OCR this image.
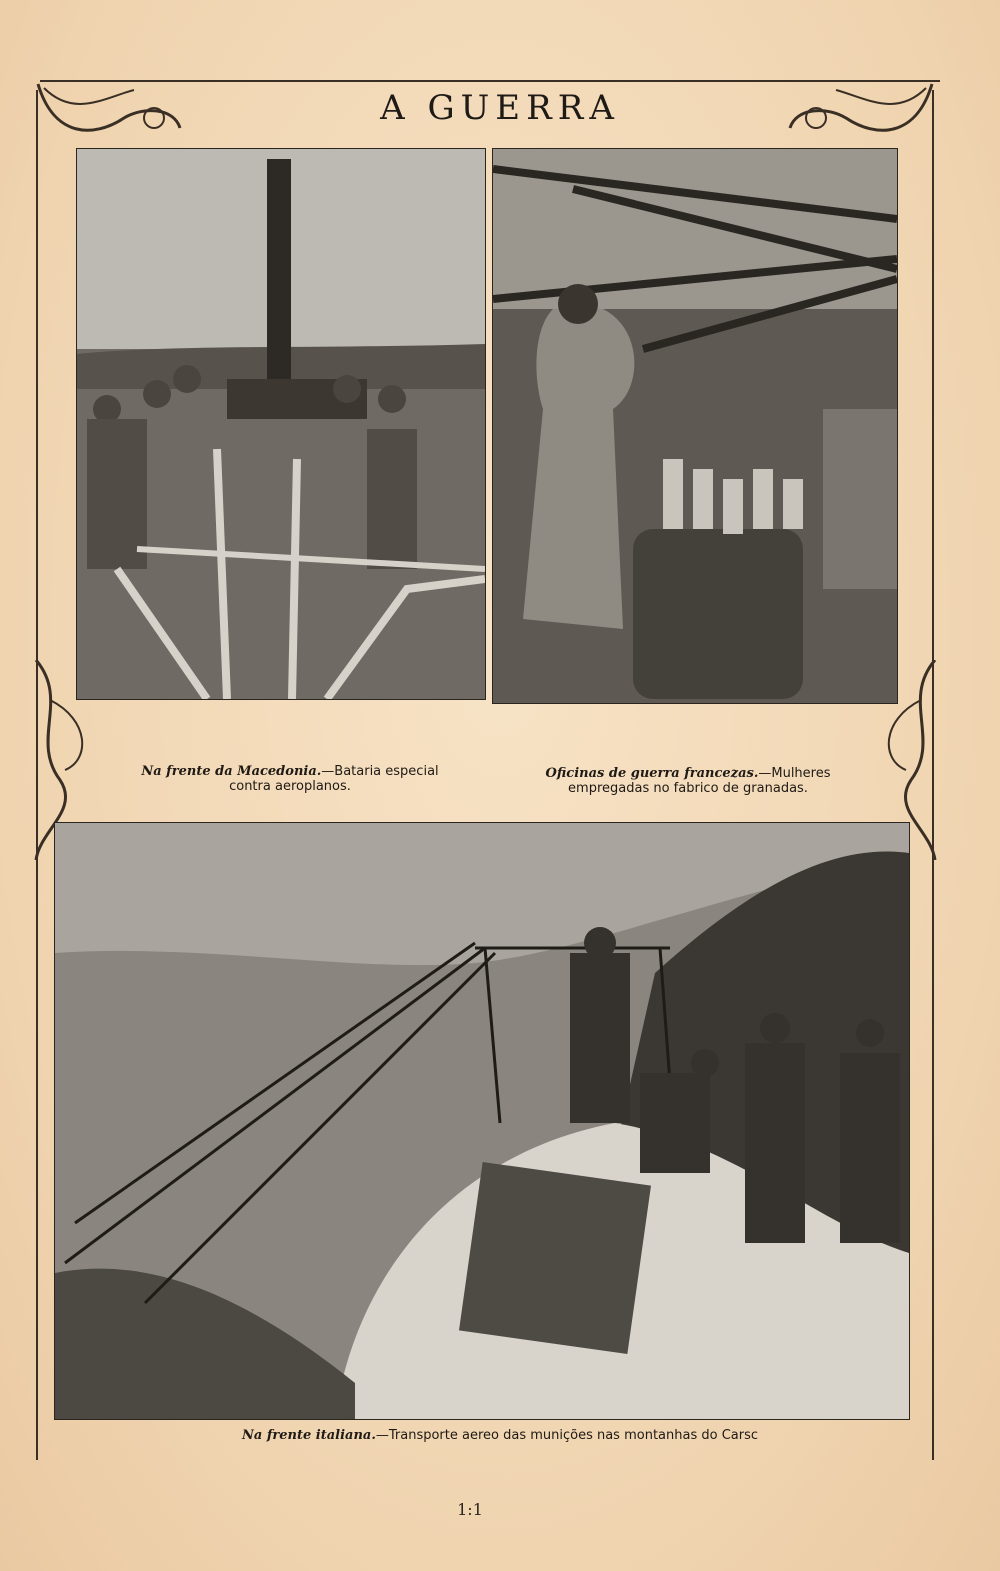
A GUERRA
Na frente da Macedonia.—Bataria especial contra aeroplanos.
Oficinas de guerra francezas.—Mulheres empregadas no fabrico de granadas.
Na frente italiana.—Transporte aereo das munições nas montanhas do Carsc
1:1
